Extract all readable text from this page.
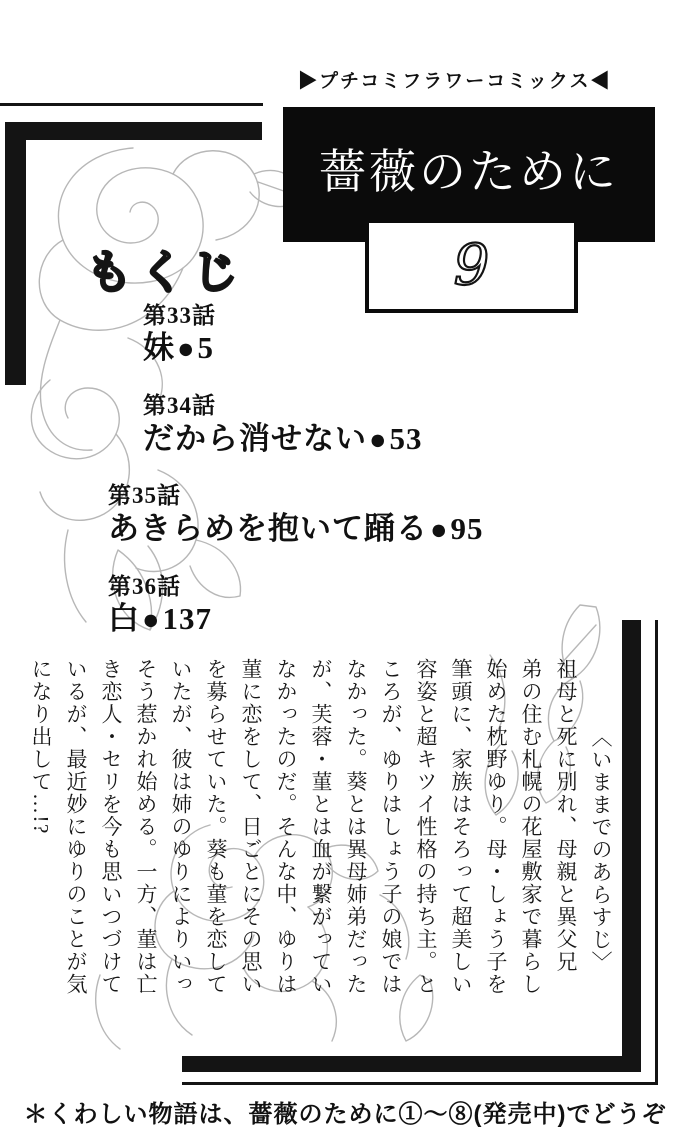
▶プチコミフラワーコミックス◀
薔薇のために
9
もくじ
第33話
妹●5
第34話
だから消せない●53
第35話
あきらめを抱いて踊る●95
第36話
白●137
〈いままでのあらすじ〉
祖母と死に別れ、母親と異父兄
弟の住む札幌の花屋敷家で暮らし
始めた枕野ゆり。母・しょう子を
筆頭に、家族はそろって超美しい
容姿と超キツイ性格の持ち主。と
ころが、ゆりはしょう子の娘では
なかった。葵とは異母姉弟だった
が、芙蓉・菫とは血が繋がってい
なかったのだ。そんな中、ゆりは
菫に恋をして、日ごとにその思い
を募らせていた。葵も菫を恋して
いたが、彼は姉のゆりによりいっ
そう惹かれ始める。一方、菫は亡
き恋人・セリを今も思いつづけて
いるが、最近妙にゆりのことが気
になり出して…!?
＊くわしい物語は、薔薇のために①～⑧(発売中)でどうぞ
